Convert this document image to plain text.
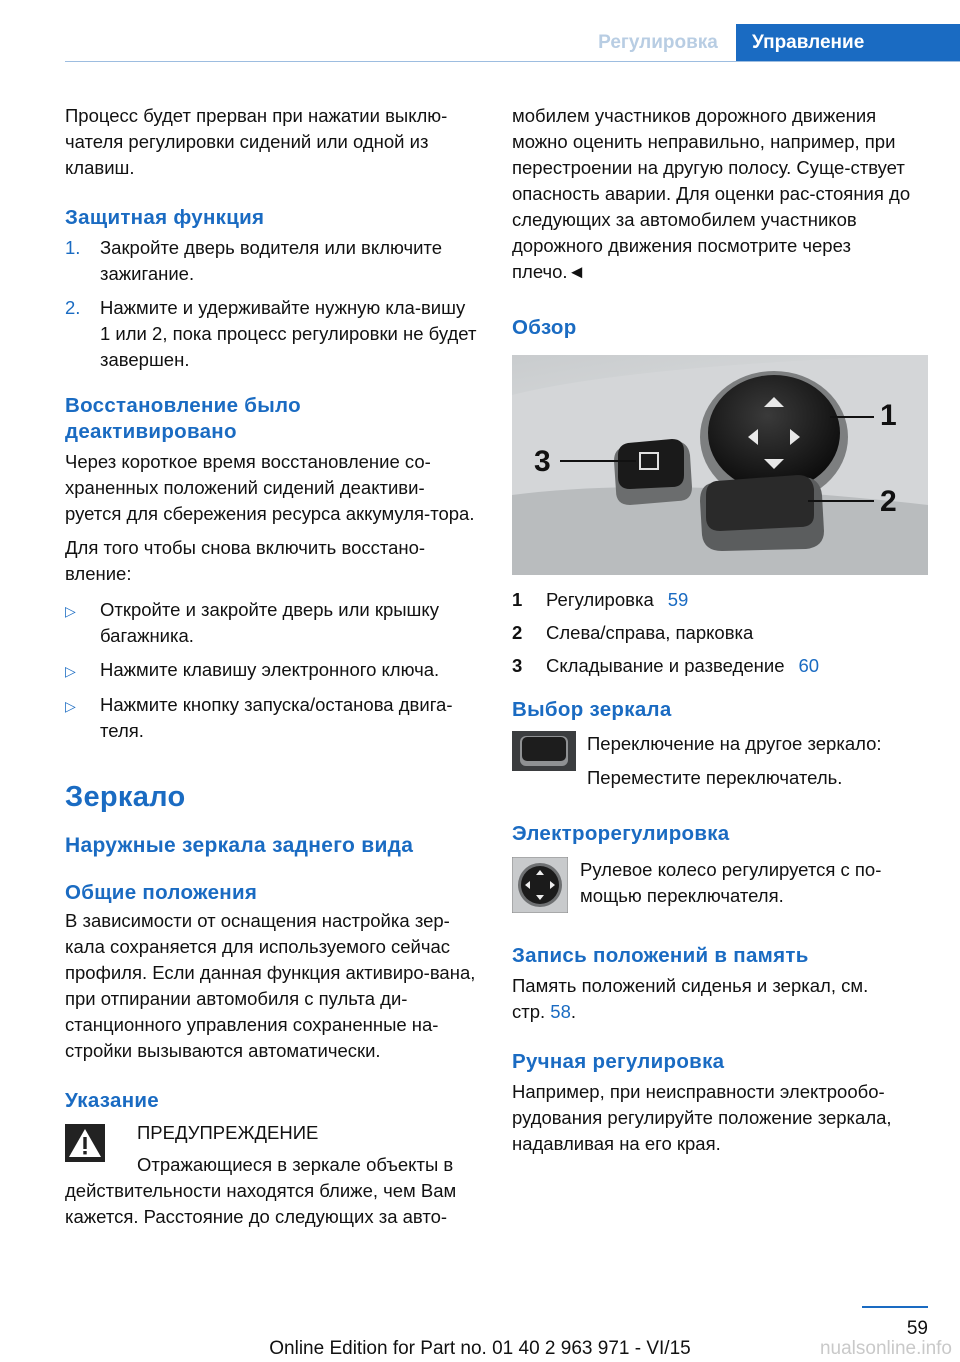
Регулировка	Управление

Процесс будет прерван при нажатии выклю-чателя регулировки сидений или одной из клавиш.

Защитная функция
1.	Закройте дверь водителя или включите зажигание.
2.	Нажмите и удерживайте нужную кла-вишу 1 или 2, пока процесс регулировки не будет завершен.
Восстановление было деактивировано

Через короткое время восстановление со-храненных положений сидений деактиви-руется для сбережения ресурса аккумуля-тора.

Для того чтобы снова включить восстано-вление:

▷	Откройте и закройте дверь или крышку багажника.
▷	Нажмите клавишу электронного ключа.
▷	Нажмите кнопку запуска/останова двига-теля.
Зеркало
Наружные зеркала заднего вида
Общие положения

В зависимости от оснащения настройка зер-кала сохраняется для используемого сейчас профиля. Если данная функция активиро-вана, при отпирании автомобиля с пульта ди-станционного управления сохраненные на-стройки вызываются автоматически.

Указание

ПРЕДУПРЕЖДЕНИЕ

Отражающиеся в зеркале объекты в

действительности находятся ближе, чем Вам кажется. Расстояние до следующих за авто-

мобилем участников дорожного движения можно оценить неправильно, например, при перестроении на другую полосу. Суще-ствует опасность аварии. Для оценки рас-стояния до следующих за автомобилем участников дорожного движения посмотрите через плечо.◄

Обзор
1
2
3
1	Регулировка 59
2	Слева/справа, парковка
3	Складывание и разведение 60
Выбор зеркала

Переключение на другое зеркало:

Переместите переключатель.

Электрорегулировка

Рулевое колесо регулируется с по-мощью переключателя.

Запись положений в память

Память положений сиденья и зеркал, см. стр. 58.

Ручная регулировка

Например, при неисправности электрообо-рудования регулируйте положение зеркала, надавливая на его края.

59
Online Edition for Part no. 01 40 2 963 971 - VI/15	nualsonline.info
